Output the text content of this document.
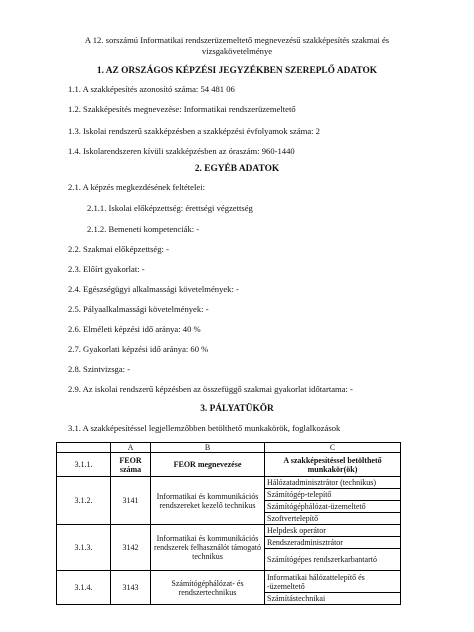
A 12. sorszámú Informatikai rendszerüzemeltető megnevezésű szakképesítés szakmai és
vizsgakövetelménye
1. AZ ORSZÁGOS KÉPZÉSI JEGYZÉKBEN SZEREPLŐ ADATOK
1.1. A szakképesítés azonosító száma: 54 481 06
1.2. Szakképesítés megnevezése: Informatikai rendszerüzemeltető
1.3. Iskolai rendszerű szakképzésben a szakképzési évfolyamok száma: 2
1.4. Iskolarendszeren kívüli szakképzésben az óraszám: 960-1440
2. EGYÉB ADATOK
2.1. A képzés megkezdésének feltételei:
2.1.1. Iskolai előképzettség: érettségi végzettség
2.1.2. Bemeneti kompetenciák: -
2.2. Szakmai előképzettség: -
2.3. Előírt gyakorlat: -
2.4. Egészségügyi alkalmassági követelmények: -
2.5. Pályaalkalmassági követelmények: -
2.6. Elméleti képzési idő aránya: 40 %
2.7. Gyakorlati képzési idő aránya: 60 %
2.8. Szintvizsga: -
2.9. Az iskolai rendszerű képzésben az összefüggő szakmai gyakorlat időtartama: -
3. PÁLYATÜKÖR
3.1. A szakképesítéssel legjellemzőbben betölthető munkakörök, foglalkozások
	A	B	C
3.1.1.	FEOR száma	FEOR megnevezése	A szakképesítéssel betölthető munkakör(ök)
3.1.2.	3141	Informatikai és kommunikációs rendszereket kezelő technikus	Hálózatadminisztrátor (technikus)
			Számítógép-telepítő
			Számítógéphálózat-üzemeltető
			Szoftvertelepítő
3.1.3.	3142	Informatikai és kommunikációs rendszerek felhasználót támogató technikus	Helpdesk operátor
			Rendszeradminisztrátor
			Számítógépes rendszerkarbantartó
3.1.4.	3143	Számítógéphálózat- és rendszertechnikus	Informatikai hálózattelepítő és -üzemeltető
			Számítástechnikai
